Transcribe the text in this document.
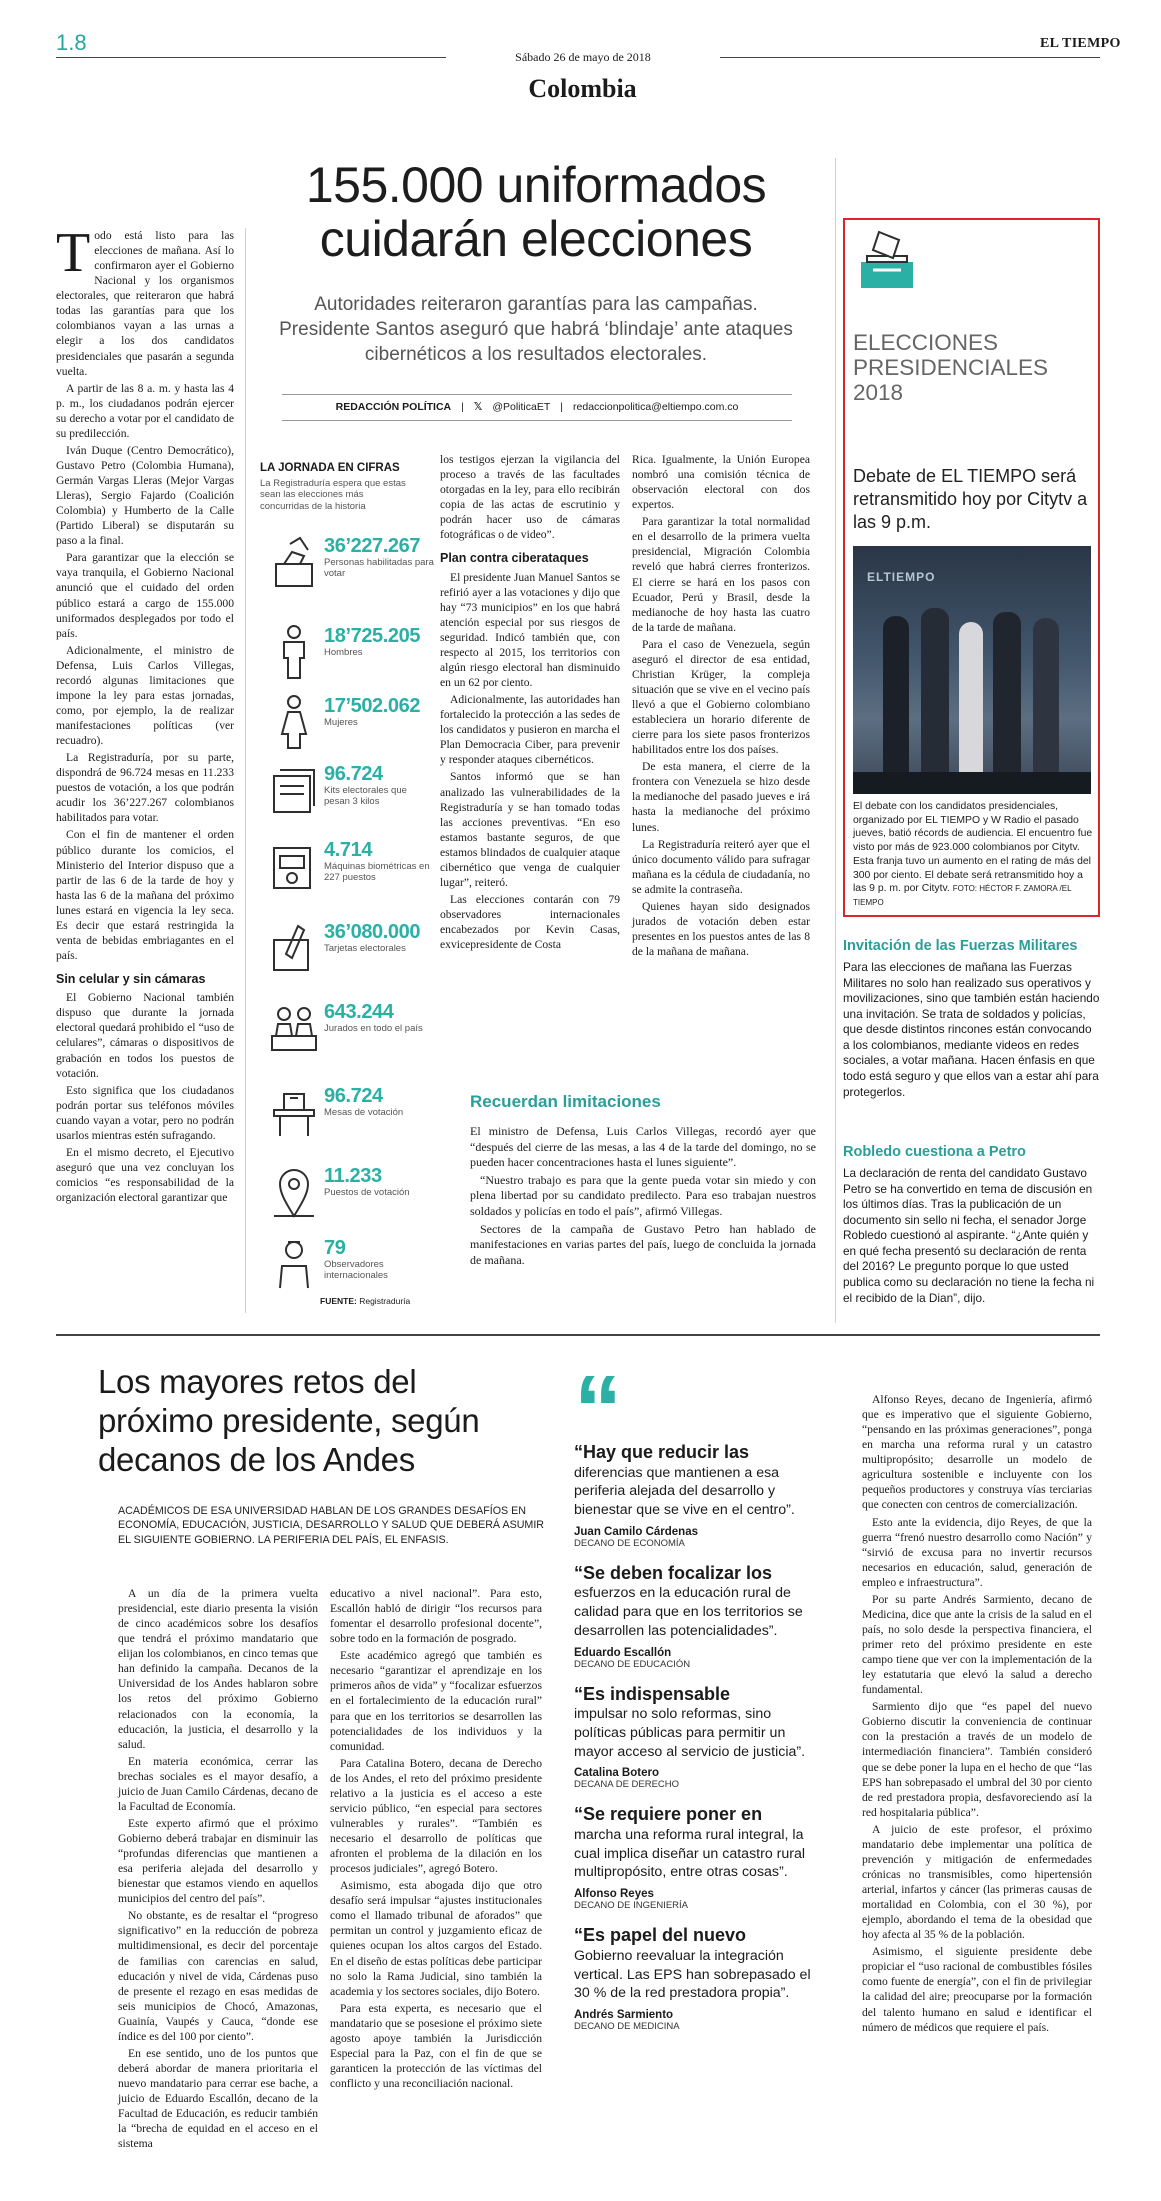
1.8
Sábado 26 de mayo de 2018
EL TIEMPO
Colombia
155.000 uniformados cuidarán elecciones
Autoridades reiteraron garantías para las campañas. Presidente Santos aseguró que habrá ‘blindaje’ ante ataques cibernéticos a los resultados electorales.
REDACCIÓN POLÍTICA | 𝕏 @PoliticaET | redaccionpolitica@eltiempo.com.co
T odo está listo para las elecciones de mañana. Así lo confirmaron ayer el Gobierno Nacional y los organismos electorales, que reiteraron que habrá todas las garantías para que los colombianos vayan a las urnas a elegir a los dos candidatos presidenciales que pasarán a segunda vuelta.

A partir de las 8 a. m. y hasta las 4 p. m., los ciudadanos podrán ejercer su derecho a votar por el candidato de su predilección.

Iván Duque (Centro Democrático), Gustavo Petro (Colombia Humana), Germán Vargas Lleras (Mejor Vargas Lleras), Sergio Fajardo (Coalición Colombia) y Humberto de la Calle (Partido Liberal) se disputarán su paso a la final.

Para garantizar que la elección se vaya tranquila, el Gobierno Nacional anunció que el cuidado del orden público estará a cargo de 155.000 uniformados desplegados por todo el país.

Adicionalmente, el ministro de Defensa, Luis Carlos Villegas, recordó algunas limitaciones que impone la ley para estas jornadas, como, por ejemplo, la de realizar manifestaciones políticas (ver recuadro).

La Registraduría, por su parte, dispondrá de 96.724 mesas en 11.233 puestos de votación, a los que podrán acudir los 36’227.267 colombianos habilitados para votar.

Con el fin de mantener el orden público durante los comicios, el Ministerio del Interior dispuso que a partir de las 6 de la tarde de hoy y hasta las 6 de la mañana del próximo lunes estará en vigencia la ley seca. Es decir que estará restringida la venta de bebidas embriagantes en el país.

Sin celular y sin cámaras

El Gobierno Nacional también dispuso que durante la jornada electoral quedará prohibido el “uso de celulares”, cámaras o dispositivos de grabación en todos los puestos de votación.

Esto significa que los ciudadanos podrán portar sus teléfonos móviles cuando vayan a votar, pero no podrán usarlos mientras estén sufragando.

En el mismo decreto, el Ejecutivo aseguró que una vez concluyan los comicios “es responsabilidad de la organización electoral garantizar que

LA JORNADA EN CIFRAS
La Registraduría espera que estas sean las elecciones más concurridas de la historia
36’227.267
Personas habilitadas para votar
18’725.205
Hombres
17’502.062
Mujeres
96.724
Kits electorales que pesan 3 kilos
4.714
Máquinas biométricas en 227 puestos
36’080.000
Tarjetas electorales
643.244
Jurados en todo el país
96.724
Mesas de votación
11.233
Puestos de votación
79
Observadores internacionales
FUENTE: Registraduría

los testigos ejerzan la vigilancia del proceso a través de las facultades otorgadas en la ley, para ello recibirán copia de las actas de escrutinio y podrán hacer uso de cámaras fotográficas o de video”.

Plan contra ciberataques

El presidente Juan Manuel Santos se refirió ayer a las votaciones y dijo que hay “73 municipios” en los que habrá atención especial por sus riesgos de seguridad. Indicó también que, con respecto al 2015, los territorios con algún riesgo electoral han disminuido en un 62 por ciento.

Adicionalmente, las autoridades han fortalecido la protección a las sedes de los candidatos y pusieron en marcha el Plan Democracia Ciber, para prevenir y responder ataques cibernéticos.

Santos informó que se han analizado las vulnerabilidades de la Registraduría y se han tomado todas las acciones preventivas. “En eso estamos bastante seguros, de que estamos blindados de cualquier ataque cibernético que venga de cualquier lugar”, reiteró.

Las elecciones contarán con 79 observadores internacionales encabezados por Kevin Casas, exvicepresidente de Costa

Rica. Igualmente, la Unión Europea nombró una comisión técnica de observación electoral con dos expertos.

Para garantizar la total normalidad en el desarrollo de la primera vuelta presidencial, Migración Colombia reveló que habrá cierres fronterizos. El cierre se hará en los pasos con Ecuador, Perú y Brasil, desde la medianoche de hoy hasta las cuatro de la tarde de mañana.

Para el caso de Venezuela, según aseguró el director de esa entidad, Christian Krüger, la compleja situación que se vive en el vecino país llevó a que el Gobierno colombiano estableciera un horario diferente de cierre para los siete pasos fronterizos habilitados entre los dos países.

De esta manera, el cierre de la frontera con Venezuela se hizo desde la medianoche del pasado jueves e irá hasta la medianoche del próximo lunes.

La Registraduría reiteró ayer que el único documento válido para sufragar mañana es la cédula de ciudadanía, no se admite la contraseña.

Quienes hayan sido designados jurados de votación deben estar presentes en los puestos antes de las 8 de la mañana de mañana.

Recuerdan limitaciones

El ministro de Defensa, Luis Carlos Villegas, recordó ayer que “después del cierre de las mesas, a las 4 de la tarde del domingo, no se pueden hacer concentraciones hasta el lunes siguiente”.

“Nuestro trabajo es para que la gente pueda votar sin miedo y con plena libertad por su candidato predilecto. Para eso trabajan nuestros soldados y policías en todo el país”, afirmó Villegas.

Sectores de la campaña de Gustavo Petro han hablado de manifestaciones en varias partes del país, luego de concluida la jornada de mañana.

ELECCIONES PRESIDENCIALES 2018
Debate de EL TIEMPO será retransmitido hoy por Citytv a las 9 p.m.
ELTIEMPO
El debate con los candidatos presidenciales, organizado por EL TIEMPO y W Radio el pasado jueves, batió récords de audiencia. El encuentro fue visto por más de 923.000 colombianos por Citytv. Esta franja tuvo un aumento en el rating de más del 300 por ciento. El debate será retransmitido hoy a las 9 p. m. por Citytv. FOTO: HÉCTOR F. ZAMORA /EL TIEMPO
Invitación de las Fuerzas Militares
Para las elecciones de mañana las Fuerzas Militares no solo han realizado sus operativos y movilizaciones, sino que también están haciendo una invitación. Se trata de soldados y policías, que desde distintos rincones están convocando a los colombianos, mediante videos en redes sociales, a votar mañana. Hacen énfasis en que todo está seguro y que ellos van a estar ahí para protegerlos.
Robledo cuestiona a Petro
La declaración de renta del candidato Gustavo Petro se ha convertido en tema de discusión en los últimos días. Tras la publicación de un documento sin sello ni fecha, el senador Jorge Robledo cuestionó al aspirante. “¿Ante quién y en qué fecha presentó su declaración de renta del 2016? Le pregunto porque lo que usted publica como su declaración no tiene la fecha ni el recibido de la Dian”, dijo.
Los mayores retos del próximo presidente, según decanos de los Andes
ACADÉMICOS DE ESA UNIVERSIDAD HABLAN DE LOS GRANDES DESAFÍOS EN ECONOMÍA, EDUCACIÓN, JUSTICIA, DESARROLLO Y SALUD QUE DEBERÁ ASUMIR EL SIGUIENTE GOBIERNO. LA PERIFERIA DEL PAÍS, EL ENFASIS.

A un día de la primera vuelta presidencial, este diario presenta la visión de cinco académicos sobre los desafíos que tendrá el próximo mandatario que elijan los colombianos, en cinco temas que han definido la campaña. Decanos de la Universidad de los Andes hablaron sobre los retos del próximo Gobierno relacionados con la economía, la educación, la justicia, el desarrollo y la salud.

En materia económica, cerrar las brechas sociales es el mayor desafío, a juicio de Juan Camilo Cárdenas, decano de la Facultad de Economía.

Este experto afirmó que el próximo Gobierno deberá trabajar en disminuir las “profundas diferencias que mantienen a esa periferia alejada del desarrollo y bienestar que estamos viendo en aquellos municipios del centro del país”.

No obstante, es de resaltar el “progreso significativo” en la reducción de pobreza multidimensional, es decir del porcentaje de familias con carencias en salud, educación y nivel de vida, Cárdenas puso de presente el rezago en esas medidas de seis municipios de Chocó, Amazonas, Guainía, Vaupés y Cauca, “donde ese índice es del 100 por ciento”.

En ese sentido, uno de los puntos que deberá abordar de manera prioritaria el nuevo mandatario para cerrar ese bache, a juicio de Eduardo Escallón, decano de la Facultad de Educación, es reducir también la “brecha de equidad en el acceso en el sistema

educativo a nivel nacional”. Para esto, Escallón habló de dirigir “los recursos para fomentar el desarrollo profesional docente”, sobre todo en la formación de posgrado.

Este académico agregó que también es necesario “garantizar el aprendizaje en los primeros años de vida” y “focalizar esfuerzos en el fortalecimiento de la educación rural” para que en los territorios se desarrollen las potencialidades de los individuos y la comunidad.

Para Catalina Botero, decana de Derecho de los Andes, el reto del próximo presidente relativo a la justicia es el acceso a este servicio público, “en especial para sectores vulnerables y rurales”. “También es necesario el desarrollo de políticas que afronten el problema de la dilación en los procesos judiciales”, agregó Botero.

Asimismo, esta abogada dijo que otro desafío será impulsar “ajustes institucionales como el llamado tribunal de aforados” que permitan un control y juzgamiento eficaz de quienes ocupan los altos cargos del Estado. En el diseño de estas políticas debe participar no solo la Rama Judicial, sino también la academia y los sectores sociales, dijo Botero.

Para esta experta, es necesario que el mandatario que se posesione el próximo siete agosto apoye también la Jurisdicción Especial para la Paz, con el fin de que se garanticen la protección de las víctimas del conflicto y una reconciliación nacional.

“
“Hay que reducir las
diferencias que mantienen a esa periferia alejada del desarrollo y bienestar que se vive en el centro”.
Juan Camilo Cárdenas
DECANO DE ECONOMÍA
“Se deben focalizar los
esfuerzos en la educación rural de calidad para que en los territorios se desarrollen las potencialidades”.
Eduardo Escallón
DECANO DE EDUCACIÓN
“Es indispensable
impulsar no solo reformas, sino políticas públicas para permitir un mayor acceso al servicio de justicia”.
Catalina Botero
DECANA DE DERECHO
“Se requiere poner en
marcha una reforma rural integral, la cual implica diseñar un catastro rural multipropósito, entre otras cosas”.
Alfonso Reyes
DECANO DE INGENIERÍA
“Es papel del nuevo
Gobierno reevaluar la integración vertical. Las EPS han sobrepasado el 30 % de la red prestadora propia”.
Andrés Sarmiento
DECANO DE MEDICINA

Alfonso Reyes, decano de Ingeniería, afirmó que es imperativo que el siguiente Gobierno, “pensando en las próximas generaciones”, ponga en marcha una reforma rural y un catastro multipropósito; desarrolle un modelo de agricultura sostenible e incluyente con los pequeños productores y construya vías terciarias que conecten con centros de comercialización.

Esto ante la evidencia, dijo Reyes, de que la guerra “frenó nuestro desarrollo como Nación” y “sirvió de excusa para no invertir recursos necesarios en educación, salud, generación de empleo e infraestructura”.

Por su parte Andrés Sarmiento, decano de Medicina, dice que ante la crisis de la salud en el país, no solo desde la perspectiva financiera, el primer reto del próximo presidente en este campo tiene que ver con la implementación de la ley estatutaria que elevó la salud a derecho fundamental.

Sarmiento dijo que “es papel del nuevo Gobierno discutir la conveniencia de continuar con la prestación a través de un modelo de intermediación financiera”. También consideró que se debe poner la lupa en el hecho de que “las EPS han sobrepasado el umbral del 30 por ciento de red prestadora propia, desfavoreciendo así la red hospitalaria pública”.

A juicio de este profesor, el próximo mandatario debe implementar una política de prevención y mitigación de enfermedades crónicas no transmisibles, como hipertensión arterial, infartos y cáncer (las primeras causas de mortalidad en Colombia, con el 30 %), por ejemplo, abordando el tema de la obesidad que hoy afecta al 35 % de la población.

Asimismo, el siguiente presidente debe propiciar el “uso racional de combustibles fósiles como fuente de energía”, con el fin de privilegiar la calidad del aire; preocuparse por la formación del talento humano en salud e identificar el número de médicos que requiere el país.
